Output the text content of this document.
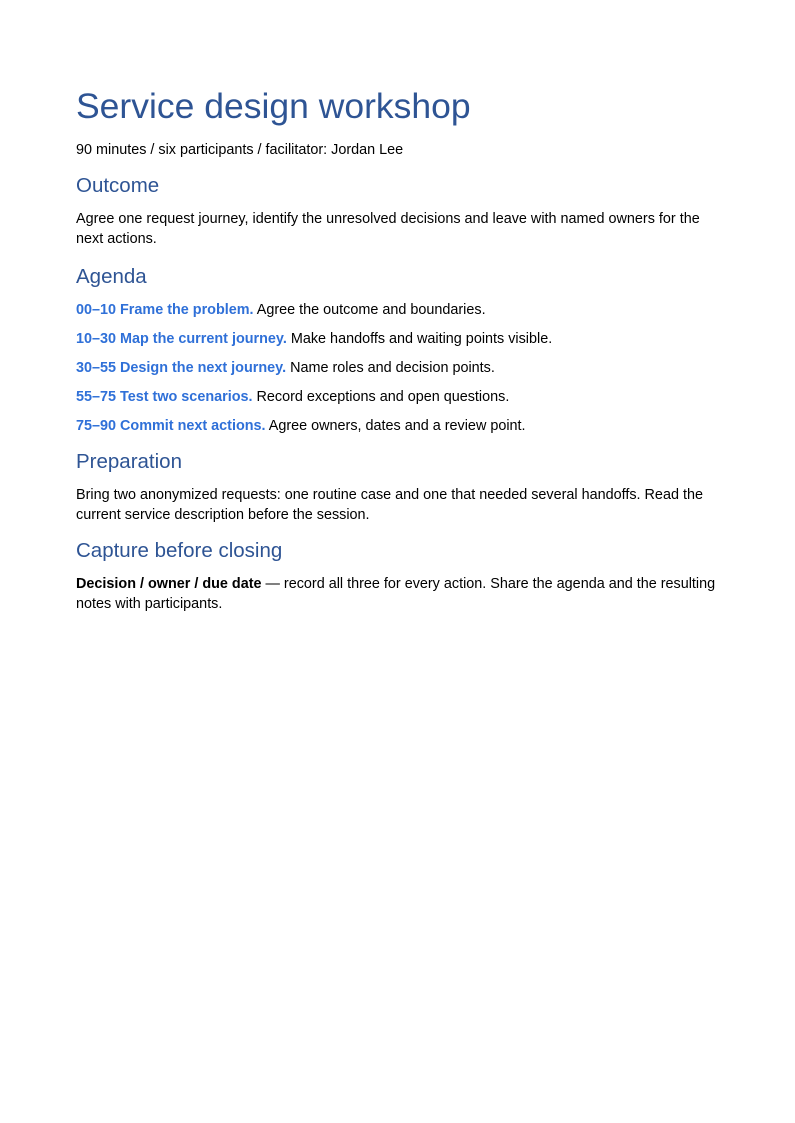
Service design workshop

90 minutes / six participants / facilitator: Jordan Lee

Outcome

Agree one request journey, identify the unresolved decisions and leave with named owners for the next actions.

Agenda
00–10 Frame the problem. Agree the outcome and boundaries.
10–30 Map the current journey. Make handoffs and waiting points visible.
30–55 Design the next journey. Name roles and decision points.
55–75 Test two scenarios. Record exceptions and open questions.
75–90 Commit next actions. Agree owners, dates and a review point.
Preparation

Bring two anonymized requests: one routine case and one that needed several handoffs. Read the current service description before the session.

Capture before closing

Decision / owner / due date — record all three for every action. Share the agenda and the resulting notes with participants.
